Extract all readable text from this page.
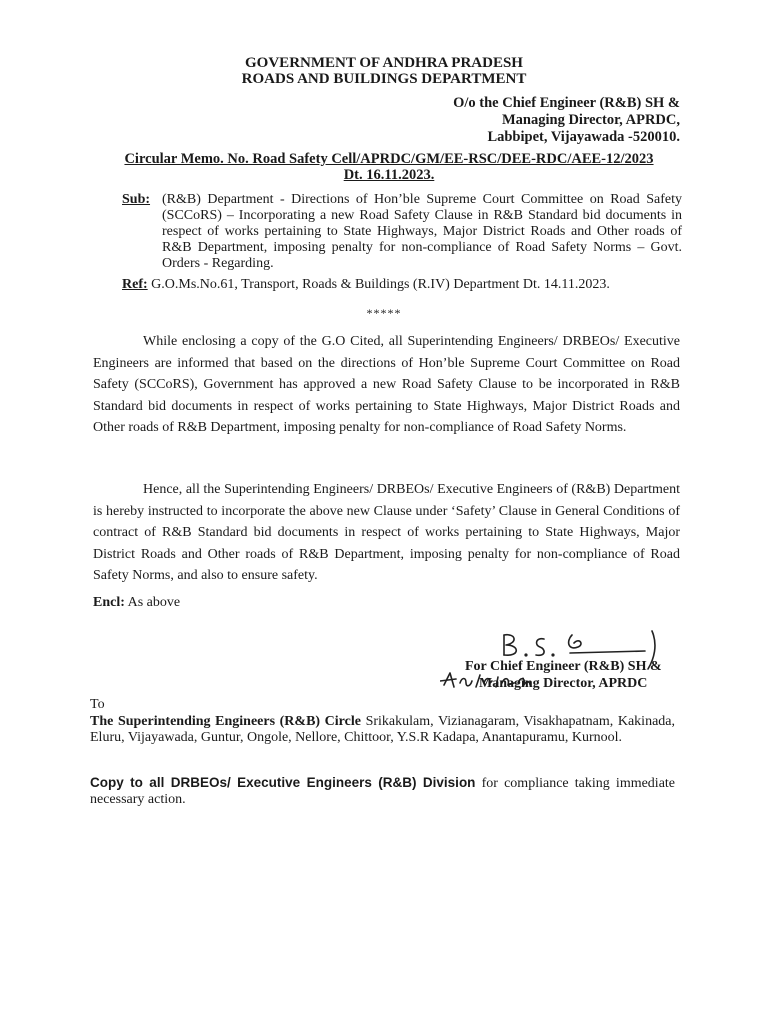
GOVERNMENT OF ANDHRA PRADESH
ROADS AND BUILDINGS DEPARTMENT
O/o the Chief Engineer (R&B) SH &
Managing Director, APRDC,
Labbipet, Vijayawada -520010.
Circular Memo. No. Road Safety Cell/APRDC/GM/EE-RSC/DEE-RDC/AEE-12/2023
Dt. 16.11.2023.
Sub: (R&B) Department - Directions of Hon’ble Supreme Court Committee on Road Safety (SCCoRS) – Incorporating a new Road Safety Clause in R&B Standard bid documents in respect of works pertaining to State Highways, Major District Roads and Other roads of R&B Department, imposing penalty for non-compliance of Road Safety Norms – Govt. Orders - Regarding.
Ref: G.O.Ms.No.61, Transport, Roads & Buildings (R.IV) Department Dt. 14.11.2023.
*****
While enclosing a copy of the G.O Cited, all Superintending Engineers/ DRBEOs/ Executive Engineers are informed that based on the directions of Hon’ble Supreme Court Committee on Road Safety (SCCoRS), Government has approved a new Road Safety Clause to be incorporated in R&B Standard bid documents in respect of works pertaining to State Highways, Major District Roads and Other roads of R&B Department, imposing penalty for non-compliance of Road Safety Norms.
Hence, all the Superintending Engineers/ DRBEOs/ Executive Engineers of (R&B) Department is hereby instructed to incorporate the above new Clause under ‘Safety’ Clause in General Conditions of contract of R&B Standard bid documents in respect of works pertaining to State Highways, Major District Roads and Other roads of R&B Department, imposing penalty for non-compliance of Road Safety Norms, and also to ensure safety.
Encl: As above
For Chief Engineer (R&B) SH &
Managing Director, APRDC
To
The Superintending Engineers (R&B) Circle Srikakulam, Vizianagaram, Visakhapatnam, Kakinada, Eluru, Vijayawada, Guntur, Ongole, Nellore, Chittoor, Y.S.R Kadapa, Anantapuramu, Kurnool.
Copy to all DRBEOs/ Executive Engineers (R&B) Division for compliance taking immediate necessary action.
